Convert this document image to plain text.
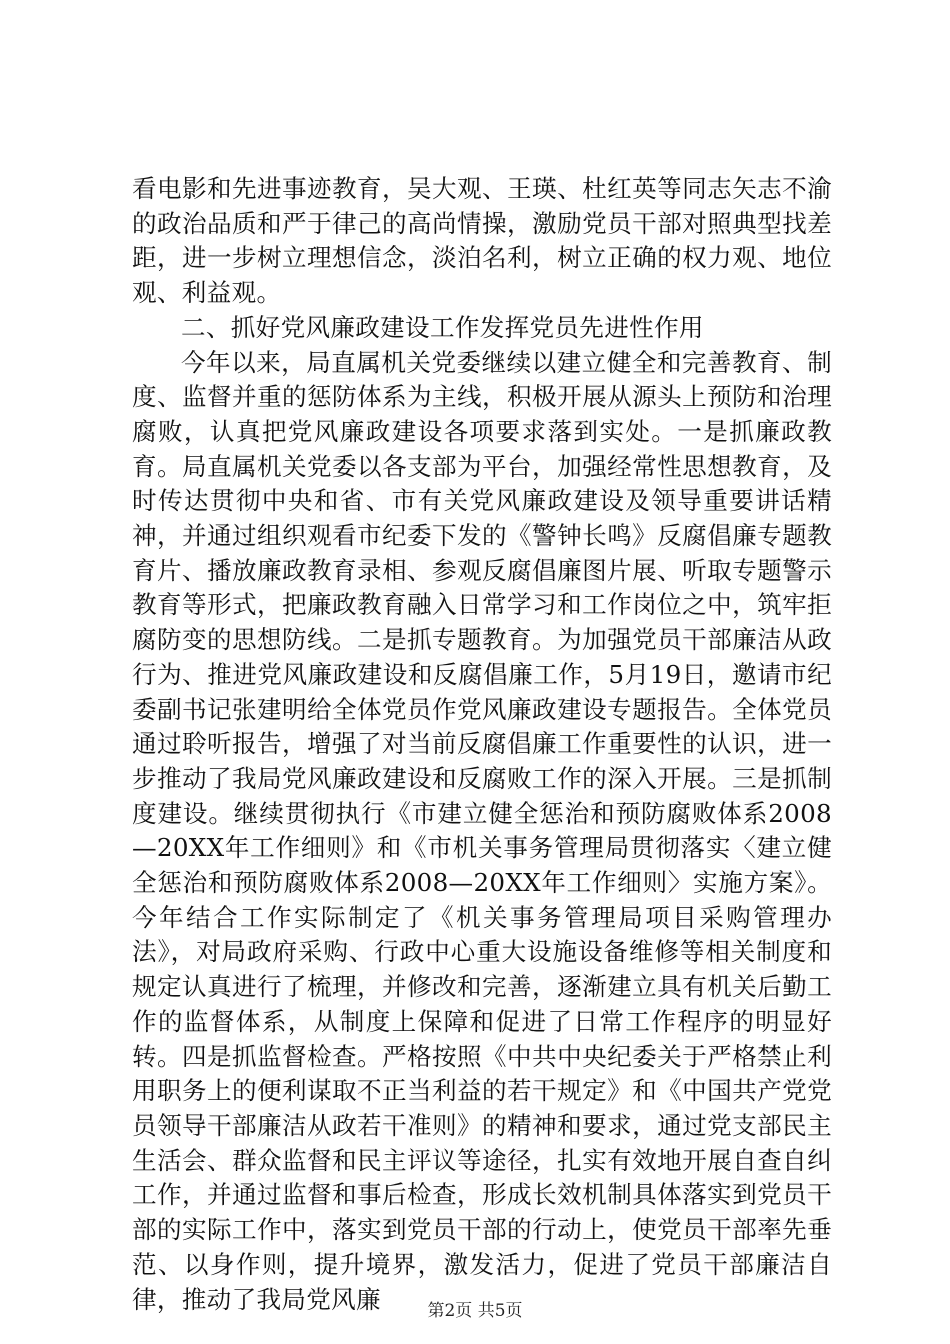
看电影和先进事迹教育，吴大观、王瑛、杜红英等同志矢志不渝的政治品质和严于律己的高尚情操，激励党员干部对照典型找差距，进一步树立理想信念，淡泊名利，树立正确的权力观、地位观、利益观。

二、抓好党风廉政建设工作发挥党员先进性作用

今年以来，局直属机关党委继续以建立健全和完善教育、制度、监督并重的惩防体系为主线，积极开展从源头上预防和治理腐败，认真把党风廉政建设各项要求落到实处。一是抓廉政教育。局直属机关党委以各支部为平台，加强经常性思想教育，及时传达贯彻中央和省、市有关党风廉政建设及领导重要讲话精神，并通过组织观看市纪委下发的《警钟长鸣》反腐倡廉专题教育片、播放廉政教育录相、参观反腐倡廉图片展、听取专题警示教育等形式，把廉政教育融入日常学习和工作岗位之中，筑牢拒腐防变的思想防线。二是抓专题教育。为加强党员干部廉洁从政行为、推进党风廉政建设和反腐倡廉工作，5月19日，邀请市纪委副书记张建明给全体党员作党风廉政建设专题报告。全体党员通过聆听报告，增强了对当前反腐倡廉工作重要性的认识，进一步推动了我局党风廉政建设和反腐败工作的深入开展。三是抓制度建设。继续贯彻执行《市建立健全惩治和预防腐败体系2008—20XX年工作细则》和《市机关事务管理局贯彻落实〈建立健全惩治和预防腐败体系2008—20XX年工作细则〉实施方案》。今年结合工作实际制定了《机关事务管理局项目采购管理办法》，对局政府采购、行政中心重大设施设备维修等相关制度和规定认真进行了梳理，并修改和完善，逐渐建立具有机关后勤工作的监督体系，从制度上保障和促进了日常工作程序的明显好转。四是抓监督检查。严格按照《中共中央纪委关于严格禁止利用职务上的便利谋取不正当利益的若干规定》和《中国共产党党员领导干部廉洁从政若干准则》的精神和要求，通过党支部民主生活会、群众监督和民主评议等途径，扎实有效地开展自查自纠工作，并通过监督和事后检查，形成长效机制具体落实到党员干部的实际工作中，落实到党员干部的行动上，使党员干部率先垂范、以身作则，提升境界，激发活力，促进了党员干部廉洁自律，推动了我局党风廉	第2页 共5页
